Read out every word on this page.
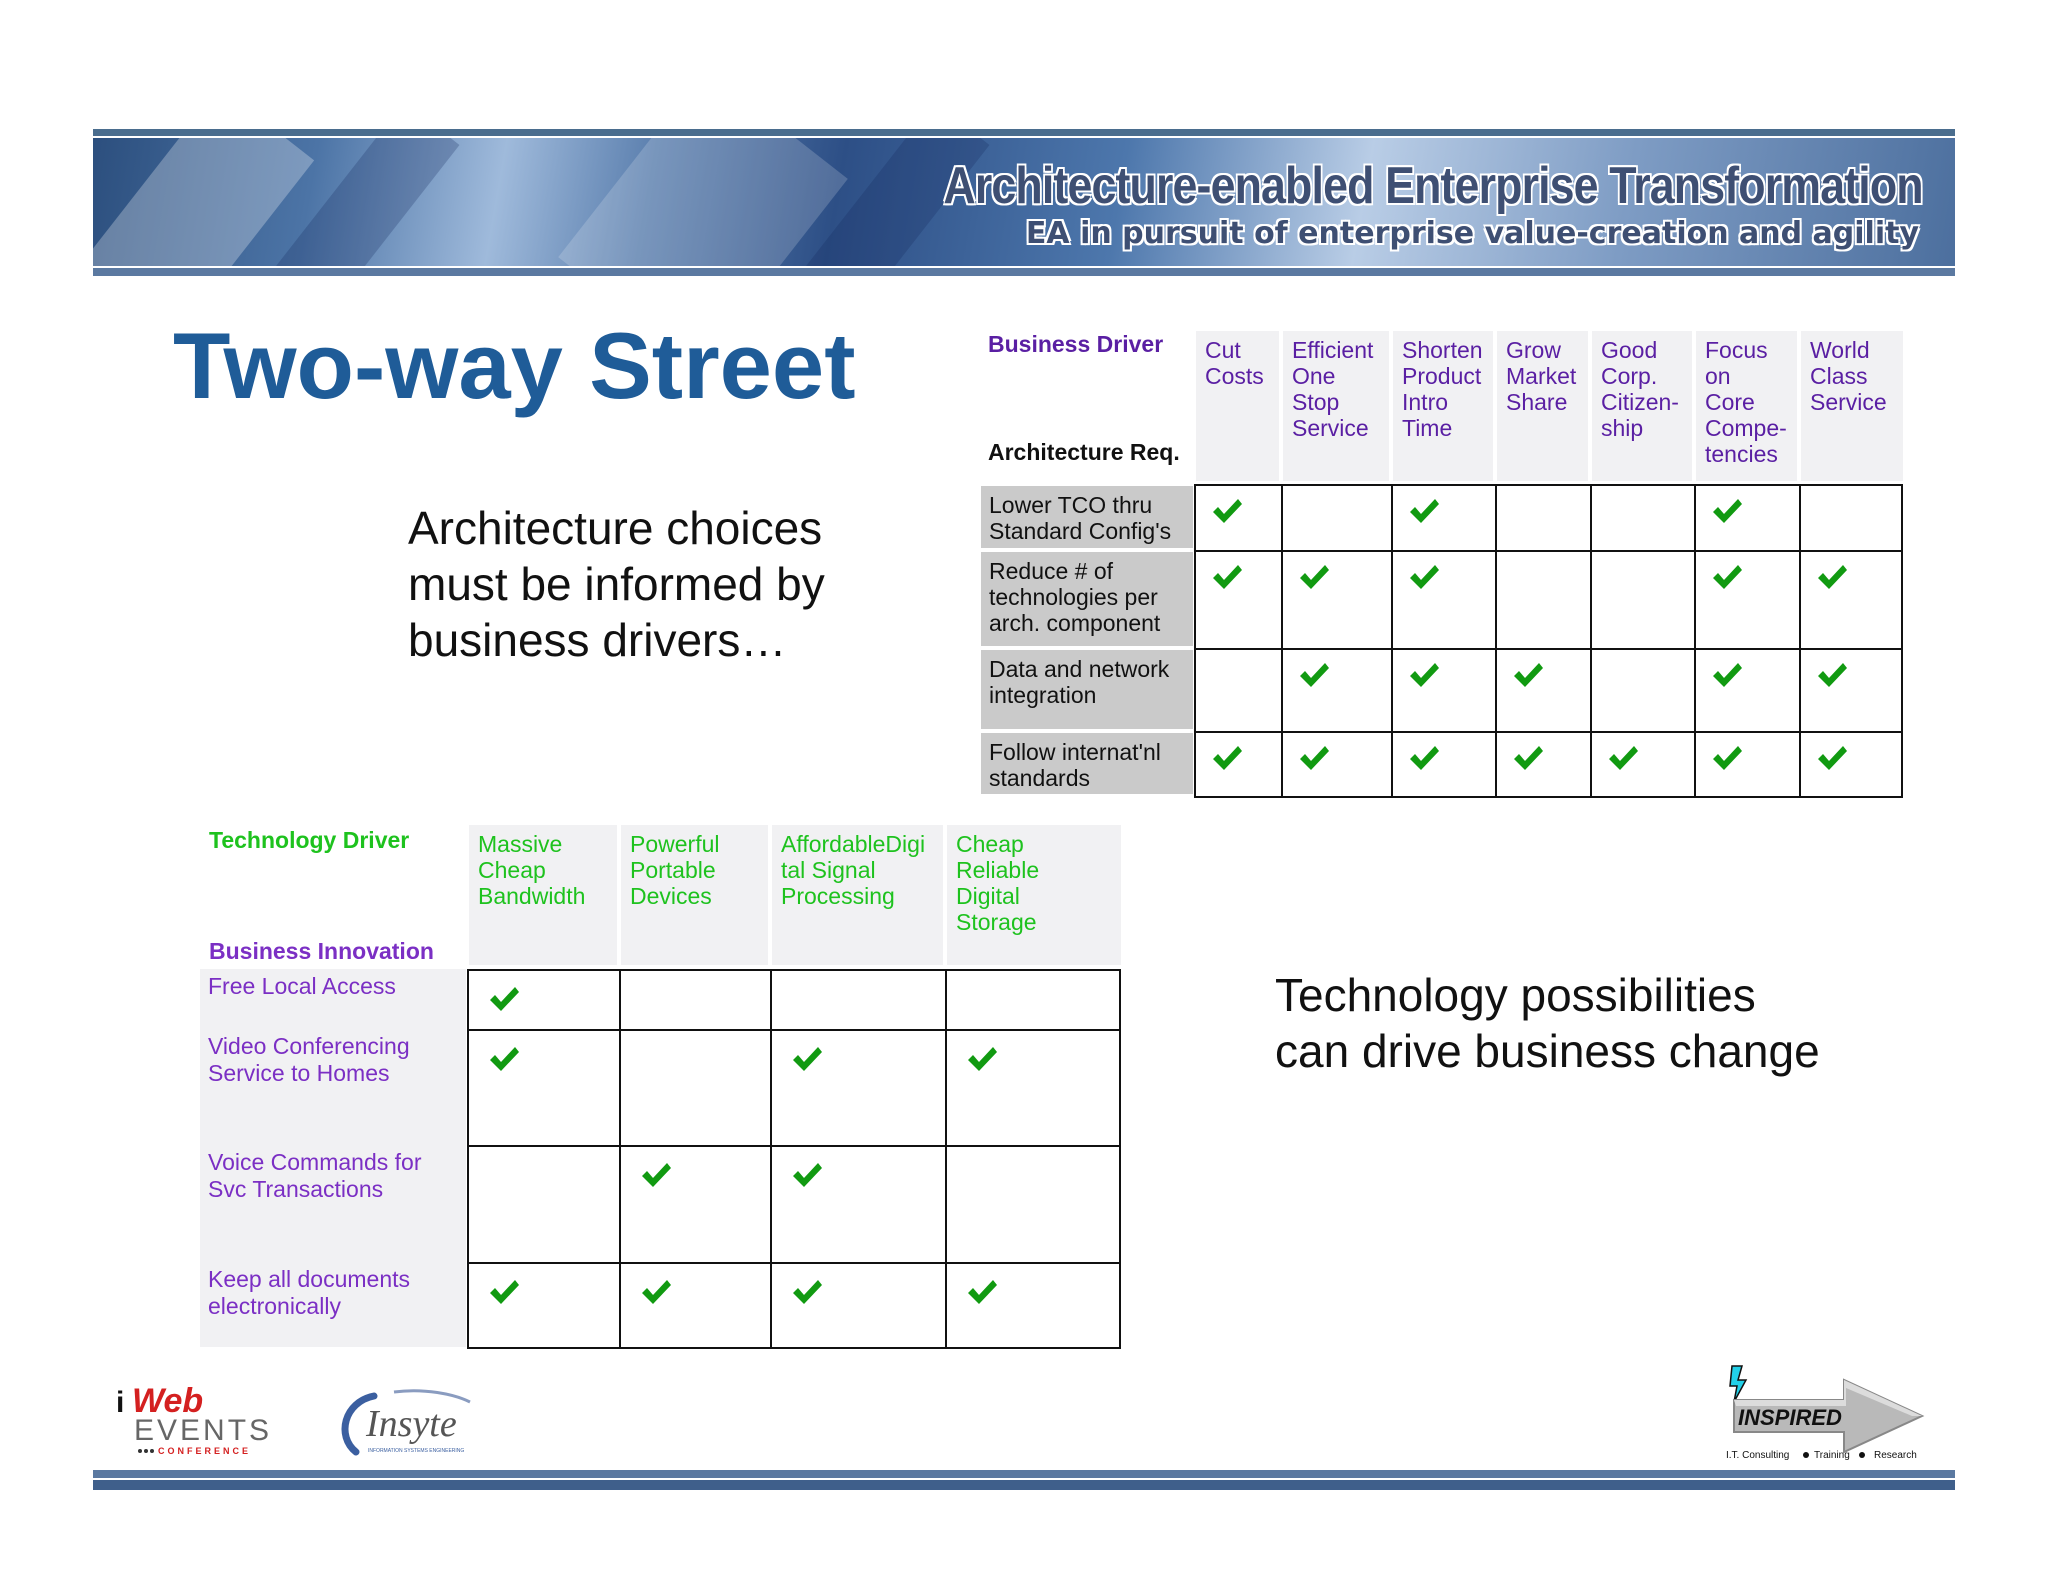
Architecture-enabled Enterprise Transformation
EA in pursuit of enterprise value-creation and agility
Two-way Street
Architecture choices
must be informed by
business drivers…
Technology possibilities
can drive business change
Business Driver
Architecture Req.
Cut
Costs
Efficient
One
Stop
Service
Shorten
Product
Intro
Time
Grow
Market
Share
Good
Corp.
Citizen-
ship
Focus
on
Core
Compe-
tencies
World
Class
Service
Lower TCO thru
Standard Config's
Reduce # of
technologies per
arch. component
Data and network
integration
Follow internat'nl
standards
Technology Driver
Business Innovation
Massive
Cheap
Bandwidth
Powerful
Portable
Devices
AffordableDigi
tal Signal
Processing
Cheap
Reliable
Digital
Storage
Free Local Access
Video Conferencing
Service to Homes
Voice Commands for
Svc Transactions
Keep all documents
electronically
i Web
EVENTS
CONFERENCE
Insyte
INFORMATION SYSTEMS ENGINEERING
INSPIRED
I.T. Consulting Training Research
